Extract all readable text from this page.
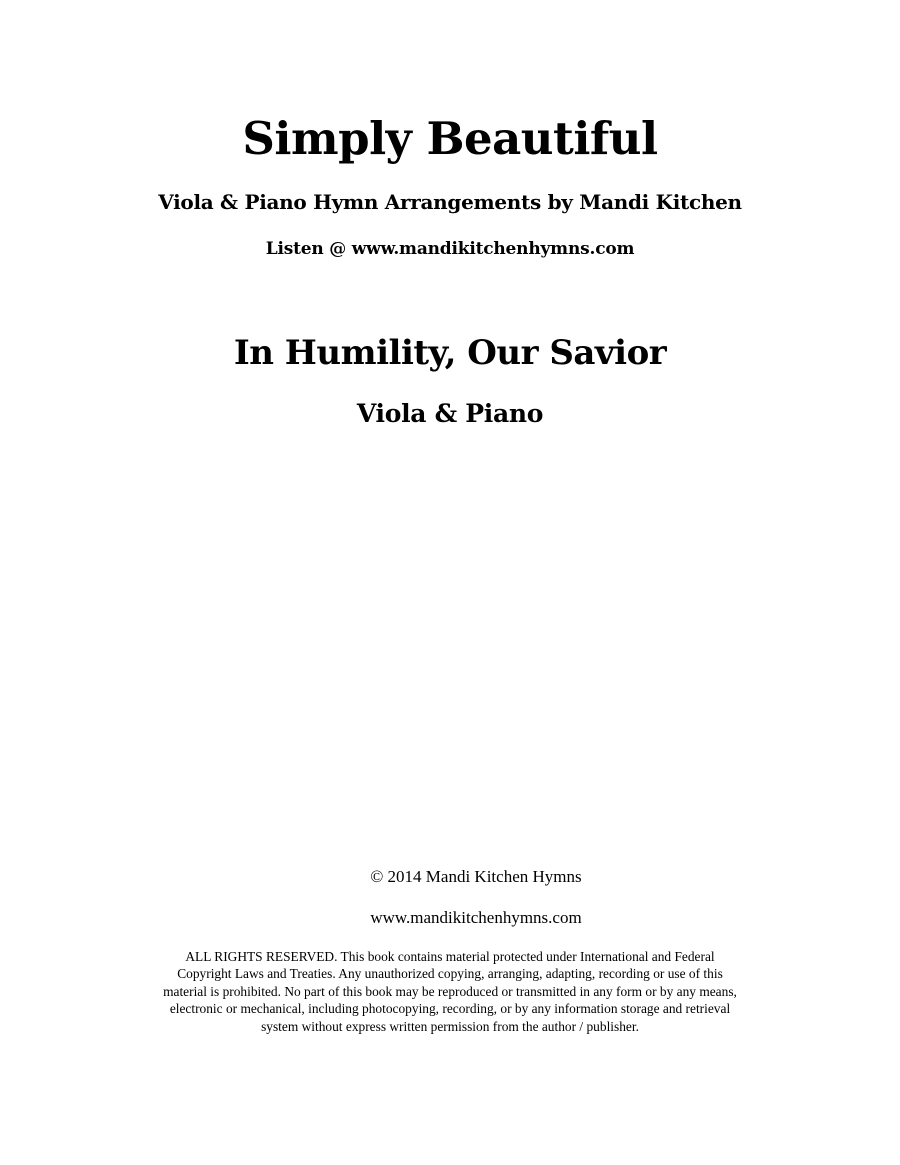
Simply Beautiful
Viola & Piano Hymn Arrangements by Mandi Kitchen
Listen @ www.mandikitchenhymns.com
In Humility, Our Savior
Viola & Piano
© 2014 Mandi Kitchen Hymns
www.mandikitchenhymns.com
ALL RIGHTS RESERVED. This book contains material protected under International and Federal
Copyright Laws and Treaties. Any unauthorized copying, arranging, adapting, recording or use of this
material is prohibited. No part of this book may be reproduced or transmitted in any form or by any means,
electronic or mechanical, including photocopying, recording, or by any information storage and retrieval
system without express written permission from the author / publisher.
